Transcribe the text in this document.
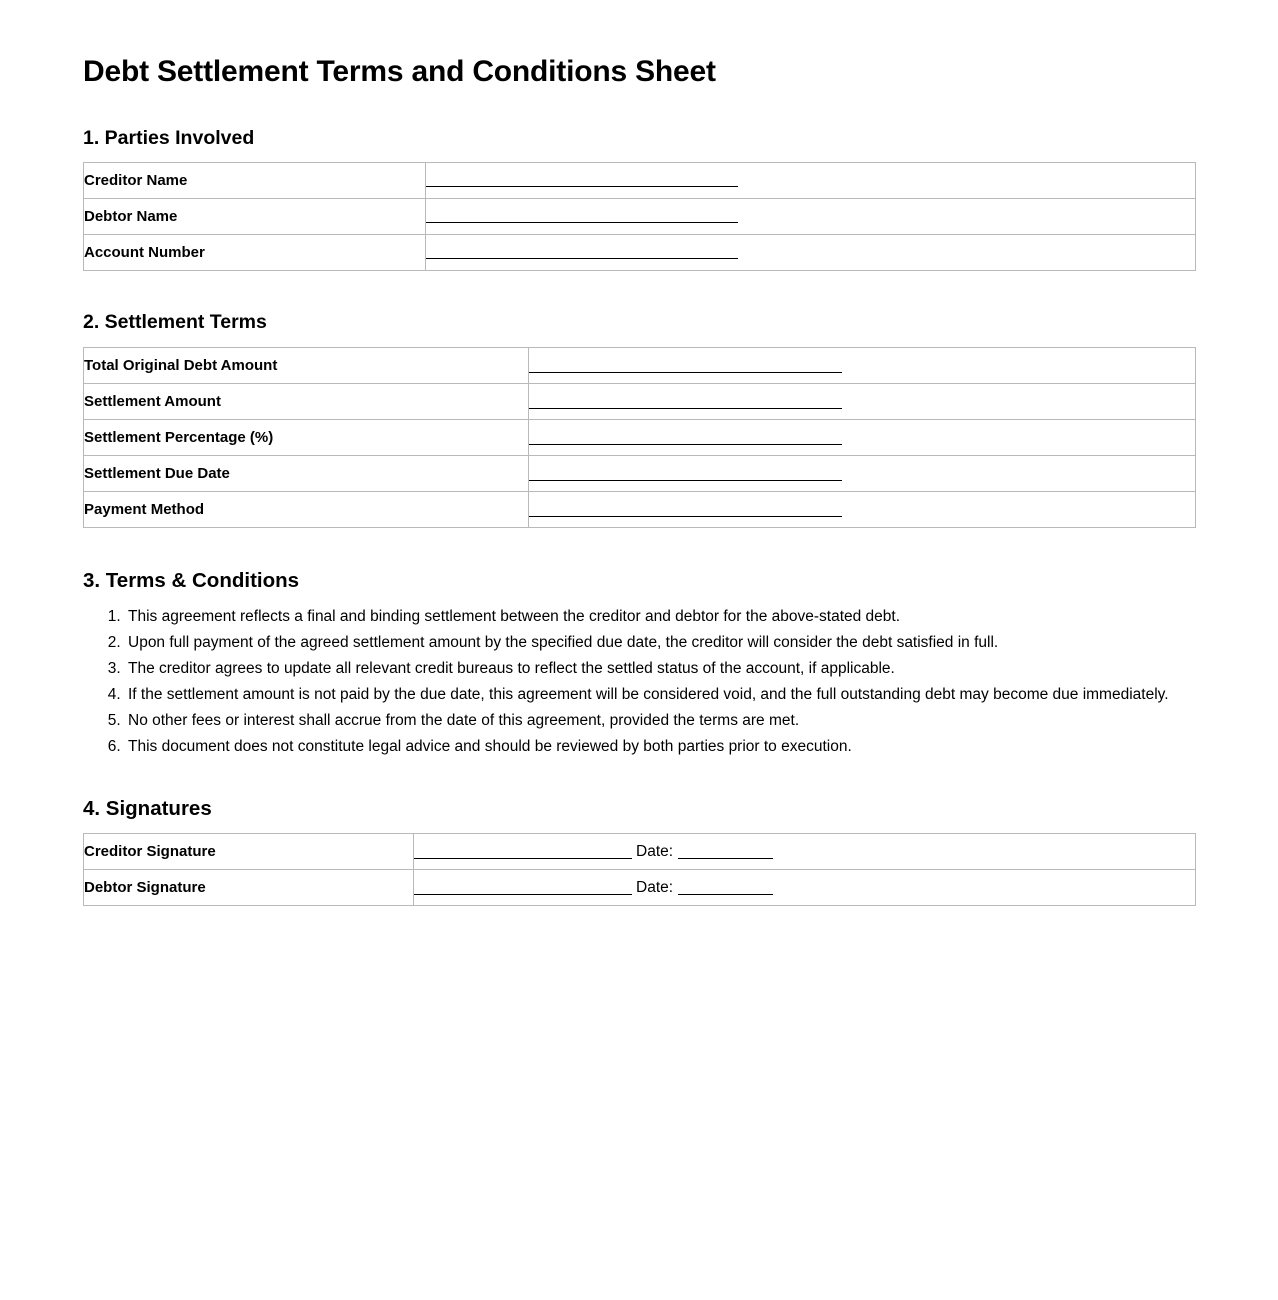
Debt Settlement Terms and Conditions Sheet
1. Parties Involved
Creditor Name	
Debtor Name	
Account Number	
2. Settlement Terms
Total Original Debt Amount	
Settlement Amount	
Settlement Percentage (%)	
Settlement Due Date	
Payment Method	
3. Terms & Conditions
1. This agreement reflects a final and binding settlement between the creditor and debtor for the above-stated debt.
2. Upon full payment of the agreed settlement amount by the specified due date, the creditor will consider the debt satisfied in full.
3. The creditor agrees to update all relevant credit bureaus to reflect the settled status of the account, if applicable.
4. If the settlement amount is not paid by the due date, this agreement will be considered void, and the full outstanding debt may become due immediately.
5. No other fees or interest shall accrue from the date of this agreement, provided the terms are met.
6. This document does not constitute legal advice and should be reviewed by both parties prior to execution.
4. Signatures
Creditor Signature	Date:
Debtor Signature	Date:
